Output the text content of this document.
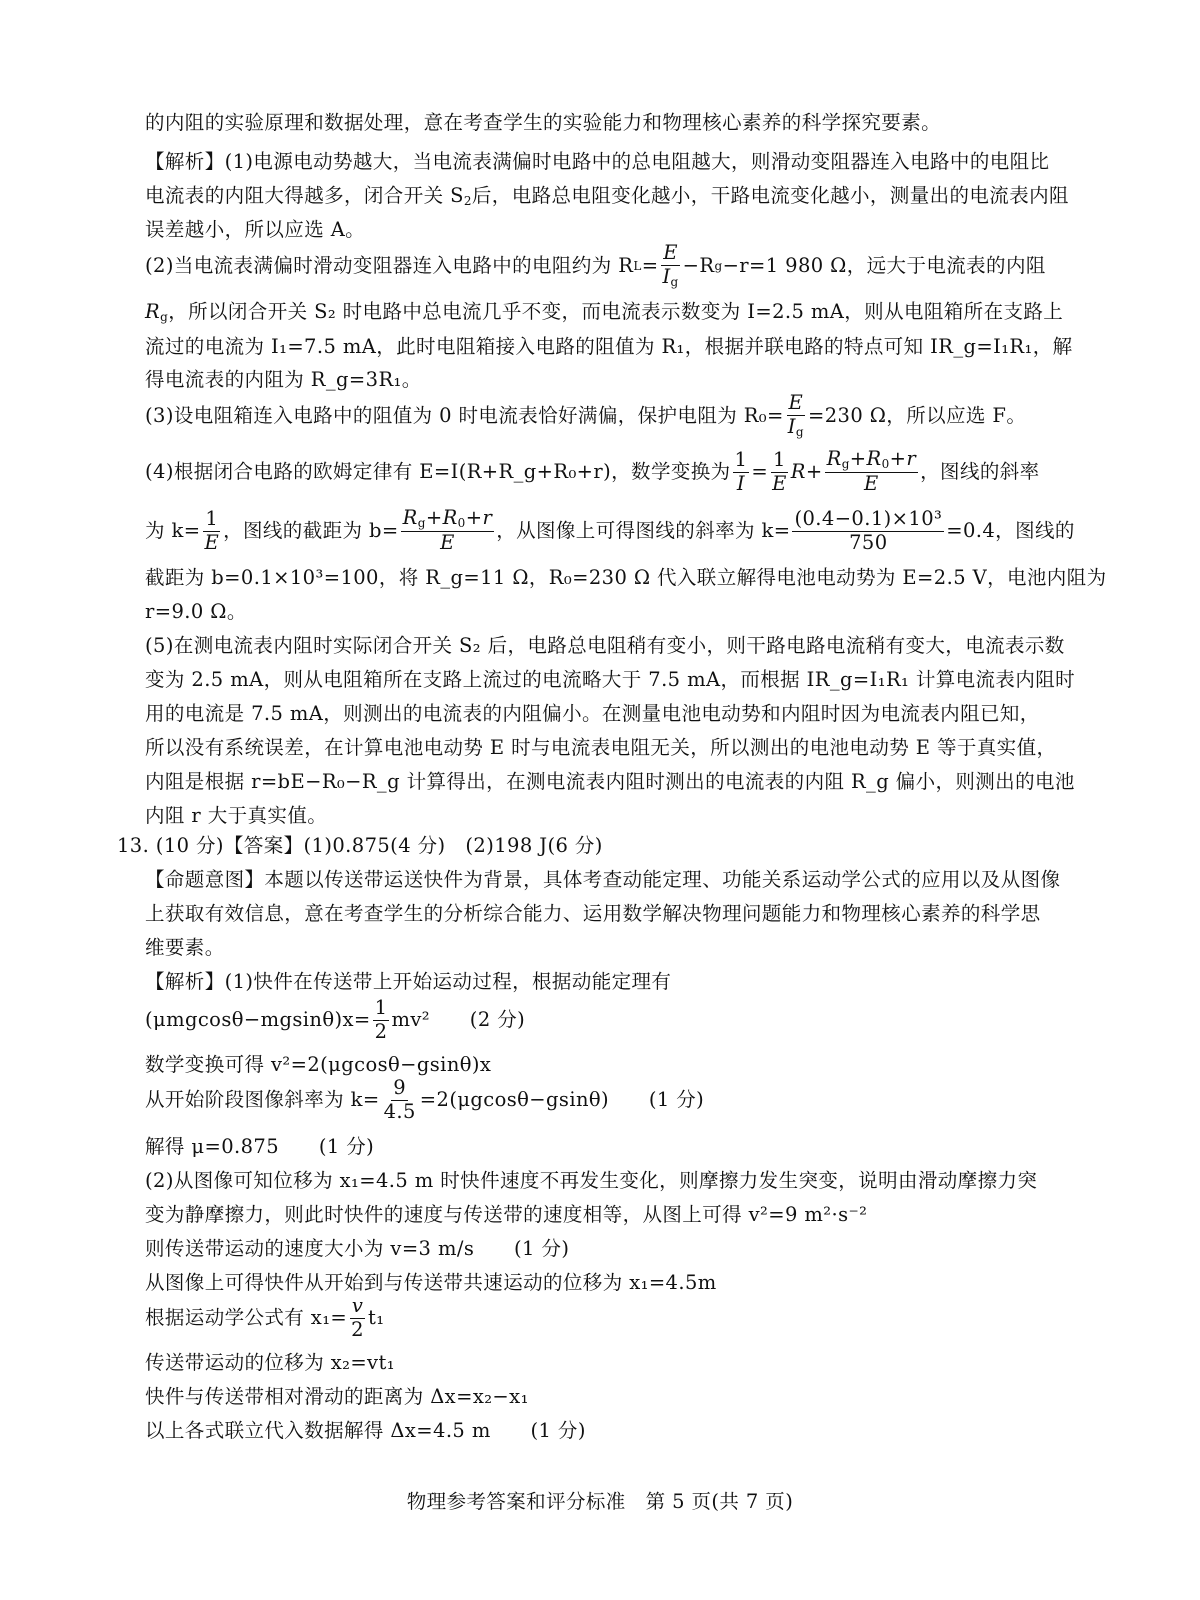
的内阻的实验原理和数据处理，意在考查学生的实验能力和物理核心素养的科学探究要素。
【解析】(1)电源电动势越大，当电流表满偏时电路中的总电阻越大，则滑动变阻器连入电路中的电阻比
电流表的内阻大得越多，闭合开关 $S_2$后，电路总电阻变化越小，干路电流变化越小，测量出的电流表内阻
误差越小，所以应选 A。
(2)当电流表满偏时滑动变阻器连入电路中的电阻约为 R $L = \frac{E}{I_g} -R$ g −r=1 980 Ω，远大于电流表的内阻
$R_g$，所以闭合开关 S₂ 时电路中总电流几乎不变，而电流表示数变为 I=2.5 mA，则从电阻箱所在支路上
流过的电流为 I₁=7.5 mA，此时电阻箱接入电路的阻值为 R₁，根据并联电路的特点可知 IR_g=I₁R₁，解
得电流表的内阻为 R_g=3R₁。
(3)设电阻箱连入电路中的阻值为 0 时电流表恰好满偏，保护电阻为 $R_0= \frac{E}{I_g} =230$ Ω，所以应选 F。
(4)根据闭合电路的欧姆定律有 E=I(R+R_g+R₀+r)，数学变换为 $\frac{1}{I} = \frac{1}{E} R+ \frac{R_g+R_0+r}{E}$ ，图线的斜率
为 $k= \frac{1}{E}$ ，图线的截距为 $b= \frac{R_g+R_0+r}{E}$ ，从图像上可得图线的斜率为 $k= \frac{\text{(0.4−0.1)×10³}}{750} =0.4$，图线的
截距为 b=0.1×10³=100，将 R_g=11 Ω，R₀=230 Ω 代入联立解得电池电动势为 E=2.5 V，电池内阻为
r=9.0 Ω。
(5)在测电流表内阻时实际闭合开关 S₂ 后，电路总电阻稍有变小，则干路电路电流稍有变大，电流表示数
变为 2.5 mA，则从电阻箱所在支路上流过的电流略大于 7.5 mA，而根据 IR_g=I₁R₁ 计算电流表内阻时
用的电流是 7.5 mA，则测出的电流表的内阻偏小。在测量电池电动势和内阻时因为电流表内阻已知，
所以没有系统误差，在计算电池电动势 E 时与电流表电阻无关，所以测出的电池电动势 E 等于真实值，
内阻是根据 r=bE−R₀−R_g 计算得出，在测电流表内阻时测出的电流表的内阻 R_g 偏小，则测出的电池
内阻 r 大于真实值。
13. (10 分)【答案】(1)0.875(4 分)　(2)198 J(6 分)
【命题意图】本题以传送带运送快件为背景，具体考查动能定理、功能关系运动学公式的应用以及从图像
上获取有效信息，意在考查学生的分析综合能力、运用数学解决物理问题能力和物理核心素养的科学思
维要素。
【解析】(1)快件在传送带上开始运动过程，根据动能定理有
$(\mu mgcos\theta-mgsin\theta)x= \frac{1}{2} mv^2$　　(2 分)
数学变换可得 v²=2(μgcosθ−gsinθ)x
从开始阶段图像斜率为 $k= \frac{9}{4.5} =2(\mu gcos\theta-gsin\theta)$　　(1 分)
解得 μ=0.875　　(1 分)
(2)从图像可知位移为 x₁=4.5 m 时快件速度不再发生变化，则摩擦力发生突变，说明由滑动摩擦力突
变为静摩擦力，则此时快件的速度与传送带的速度相等，从图上可得 v²=9 m²·s⁻²
则传送带运动的速度大小为 v=3 m/s　　(1 分)
从图像上可得快件从开始到与传送带共速运动的位移为 x₁=4.5m
根据运动学公式有 $x_1= \frac{v}{2} t_1$
传送带运动的位移为 x₂=vt₁
快件与传送带相对滑动的距离为 Δx=x₂−x₁
以上各式联立代入数据解得 Δx=4.5 m　　(1 分)
物理参考答案和评分标准　第 5 页(共 7 页)
